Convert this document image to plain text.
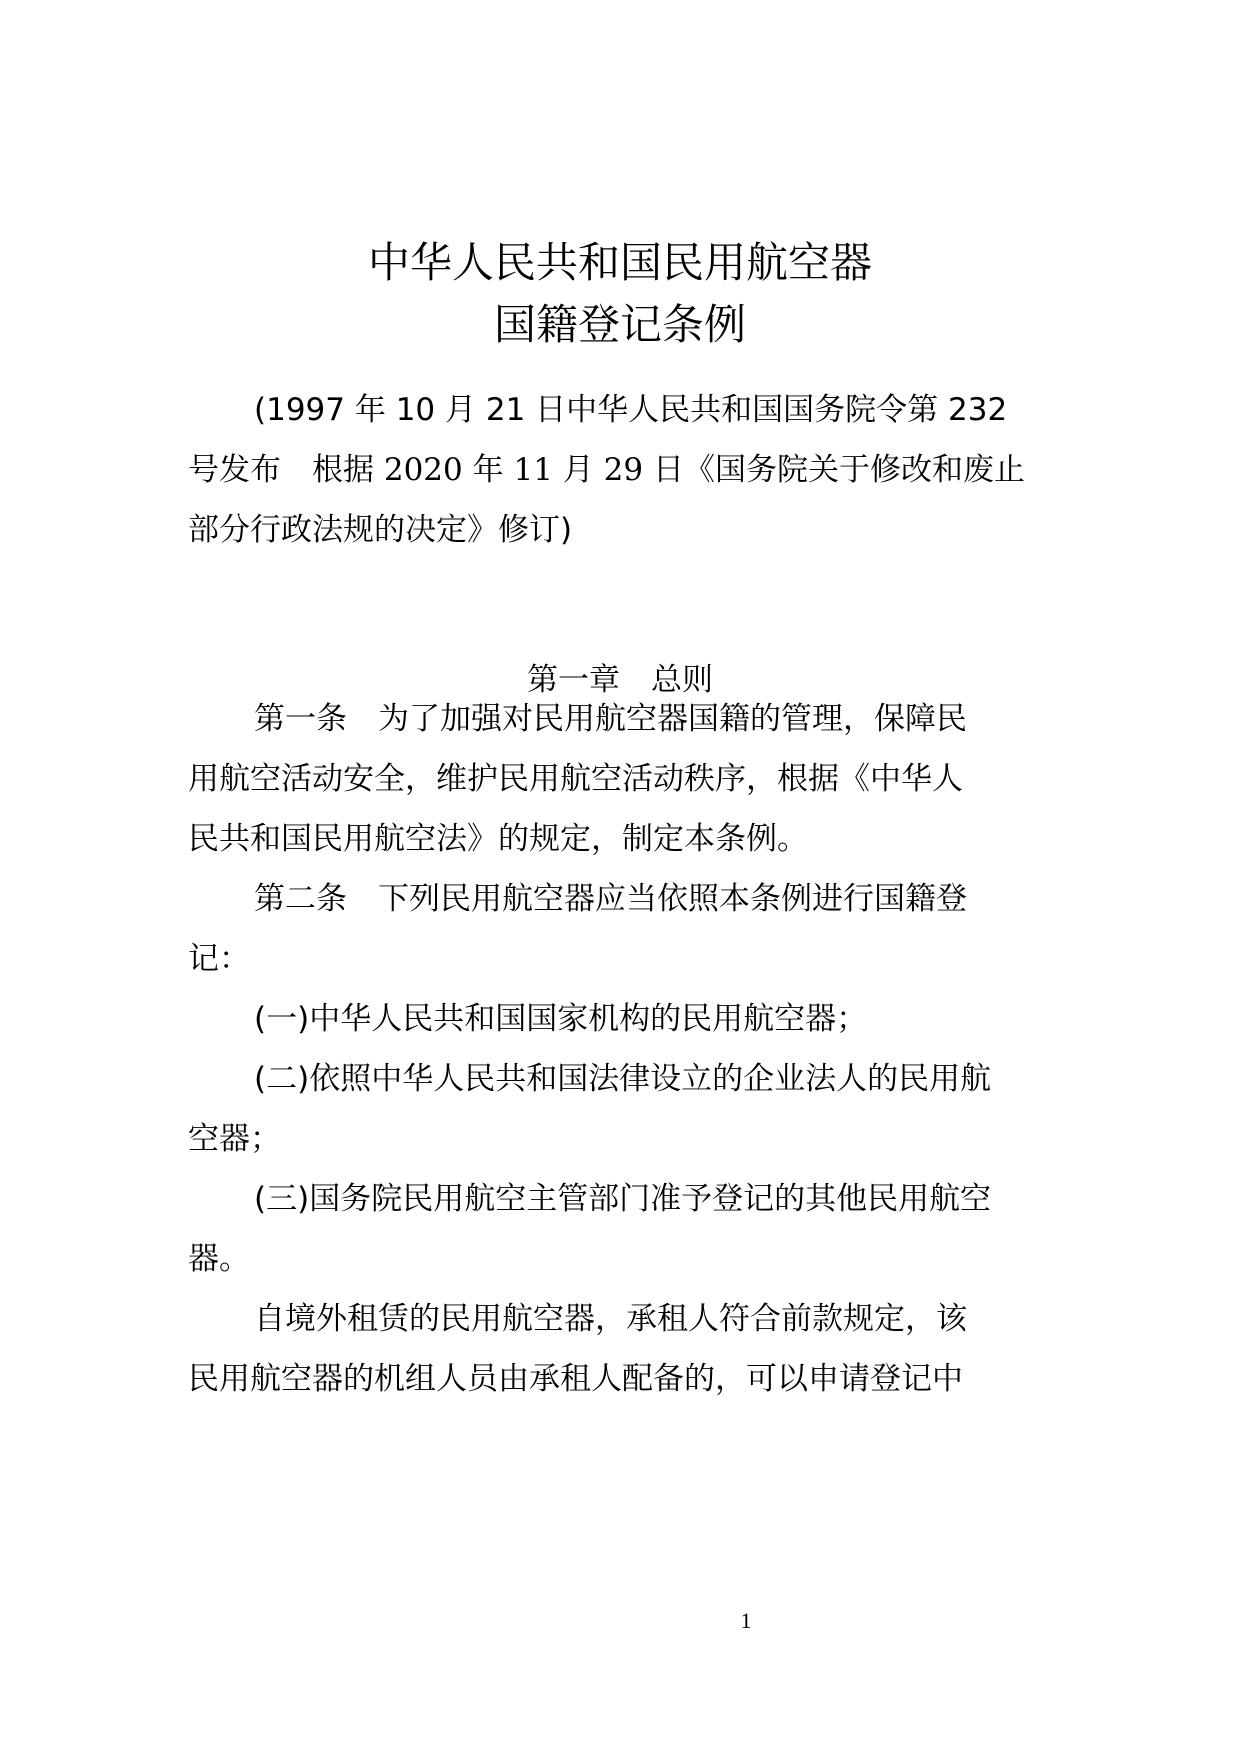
中华人民共和国民用航空器
国籍登记条例
(1997 年 10 月 21 日中华人民共和国国务院令第 232
号发布　根据 2020 年 11 月 29 日《国务院关于修改和废止
部分行政法规的决定》修订)
第一章　总则
第一条　为了加强对民用航空器国籍的管理，保障民
用航空活动安全，维护民用航空活动秩序，根据《中华人
民共和国民用航空法》的规定，制定本条例。
第二条　下列民用航空器应当依照本条例进行国籍登
记：
(一)中华人民共和国国家机构的民用航空器；
(二)依照中华人民共和国法律设立的企业法人的民用航
空器；
(三)国务院民用航空主管部门准予登记的其他民用航空
器。
自境外租赁的民用航空器，承租人符合前款规定，该
民用航空器的机组人员由承租人配备的，可以申请登记中
1
